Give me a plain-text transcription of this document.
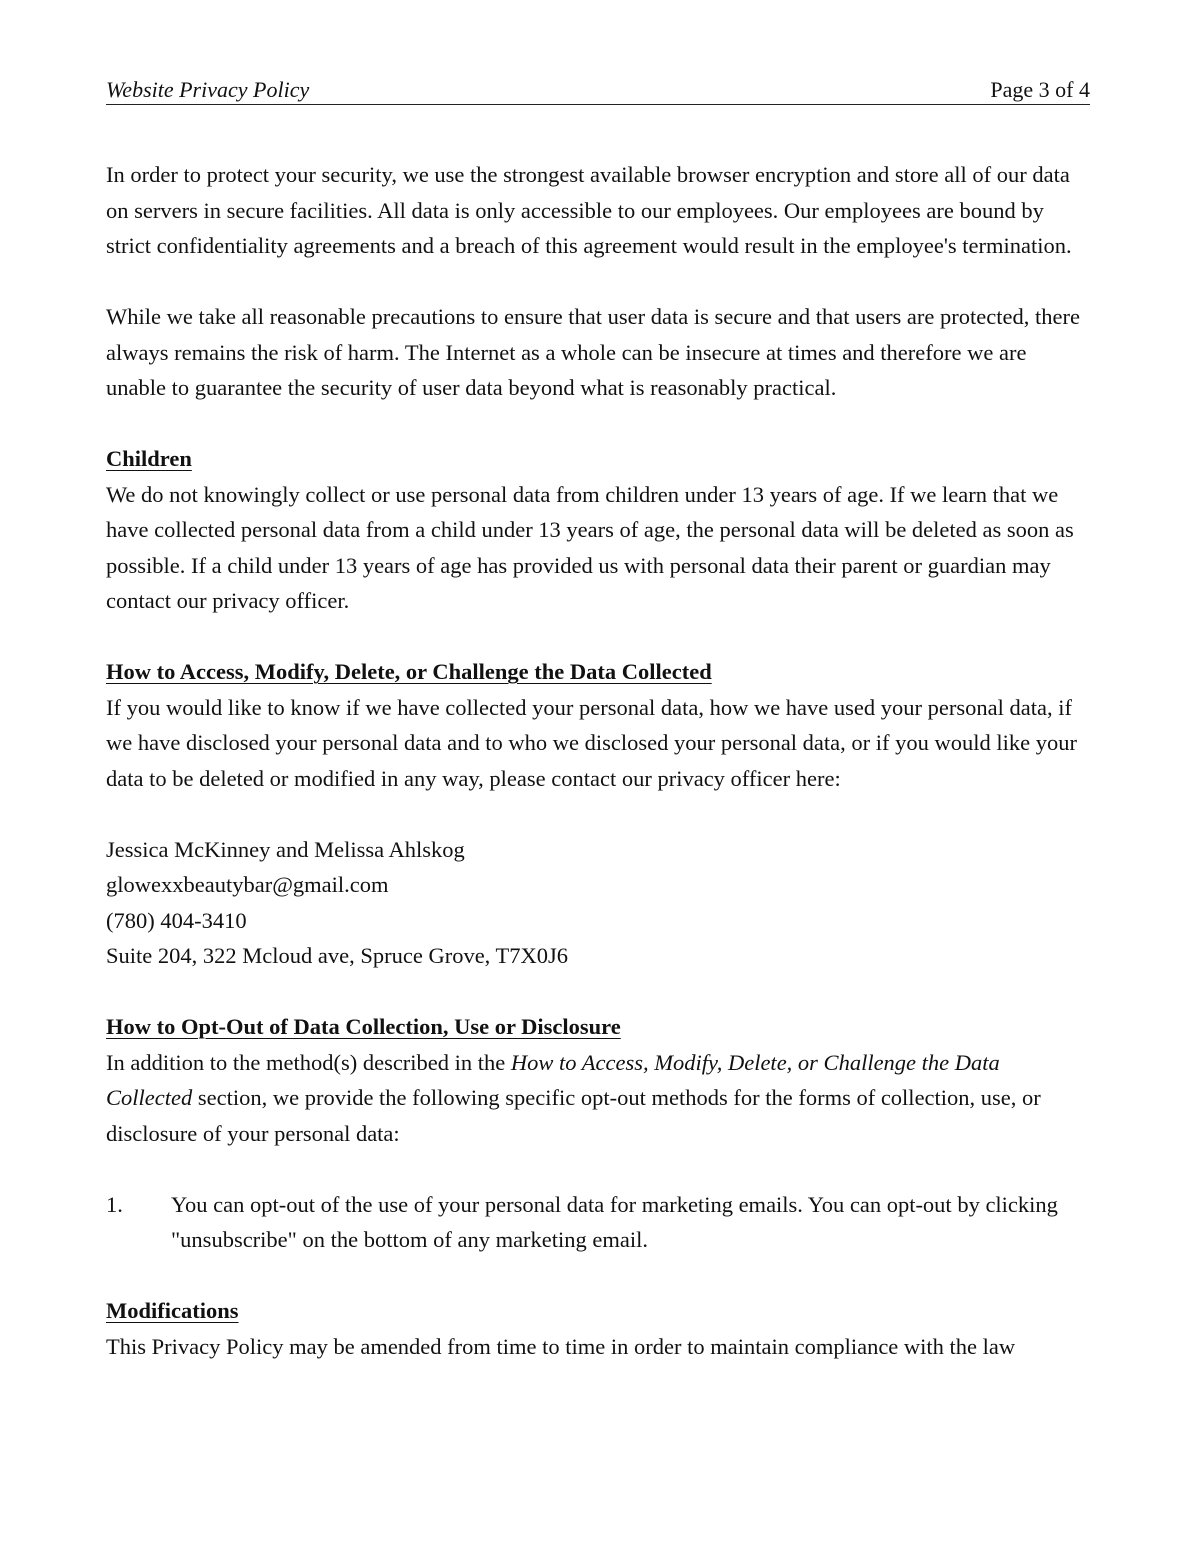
Website Privacy Policy	Page 3 of 4

In order to protect your security, we use the strongest available browser encryption and store all of our data on servers in secure facilities. All data is only accessible to our employees. Our employees are bound by strict confidentiality agreements and a breach of this agreement would result in the employee's termination.

While we take all reasonable precautions to ensure that user data is secure and that users are protected, there always remains the risk of harm. The Internet as a whole can be insecure at times and therefore we are unable to guarantee the security of user data beyond what is reasonably practical.

Children

We do not knowingly collect or use personal data from children under 13 years of age. If we learn that we have collected personal data from a child under 13 years of age, the personal data will be deleted as soon as possible. If a child under 13 years of age has provided us with personal data their parent or guardian may contact our privacy officer.

How to Access, Modify, Delete, or Challenge the Data Collected

If you would like to know if we have collected your personal data, how we have used your personal data, if we have disclosed your personal data and to who we disclosed your personal data, or if you would like your data to be deleted or modified in any way, please contact our privacy officer here:

Jessica McKinney and Melissa Ahlskog
glowexxbeautybar@gmail.com
(780) 404-3410
Suite 204, 322 Mcloud ave, Spruce Grove, T7X0J6

How to Opt-Out of Data Collection, Use or Disclosure

In addition to the method(s) described in the How to Access, Modify, Delete, or Challenge the Data Collected section, we provide the following specific opt-out methods for the forms of collection, use, or disclosure of your personal data:

1.	You can opt-out of the use of your personal data for marketing emails. You can opt-out by clicking "unsubscribe" on the bottom of any marketing email.

Modifications

This Privacy Policy may be amended from time to time in order to maintain compliance with the law
